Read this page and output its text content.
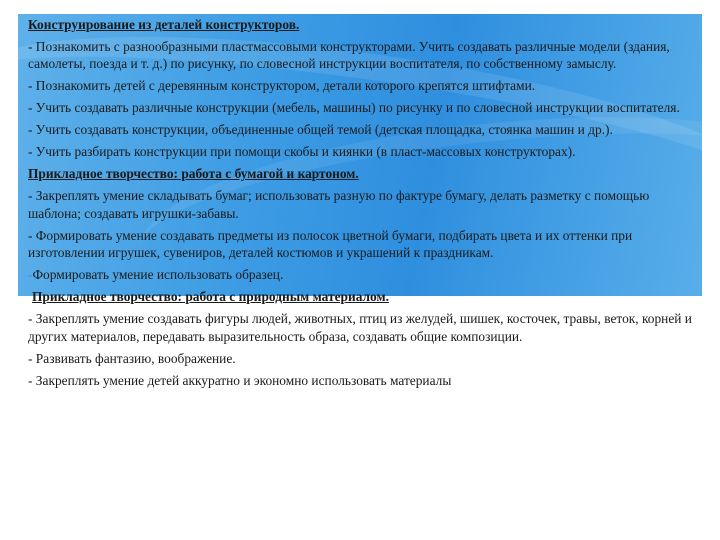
Конструирование из деталей конструкторов.

- Познакомить с разнообразными пластмассовыми конструкторами. Учить создавать различные модели (здания, самолеты, поезда и т. д.) по рисунку, по словесной инструкции воспитателя, по собственному замыслу.

- Познакомить детей с деревянным конструктором, детали которого крепятся штифтами.

- Учить создавать различные конструкции (мебель, машины) по рисунку и по словесной инструкции воспитателя.

- Учить создавать конструкции, объединенные общей темой (детская площадка, стоянка машин и др.).

- Учить разбирать конструкции при помощи скобы и киянки (в пласт-массовых конструкторах).

Прикладное творчество: работа с бумагой и картоном.

- Закреплять умение складывать бумаг; использовать разную по фактуре бумагу, делать разметку с помощью шаблона; создавать игрушки-забавы.

- Формировать умение создавать предметы из полосок цветной бумаги, подбирать цвета и их оттенки при изготовлении игрушек, сувениров, деталей костюмов и украшений к праздникам.

-Формировать умение использовать образец.

Прикладное творчество: работа с природным материалом.

- Закреплять умение создавать фигуры людей, животных, птиц из желудей, шишек, косточек, травы, веток, корней и других материалов, передавать выразительность образа, создавать общие композиции.

- Развивать фантазию, воображение.

- Закреплять умение детей аккуратно и экономно использовать материалы
